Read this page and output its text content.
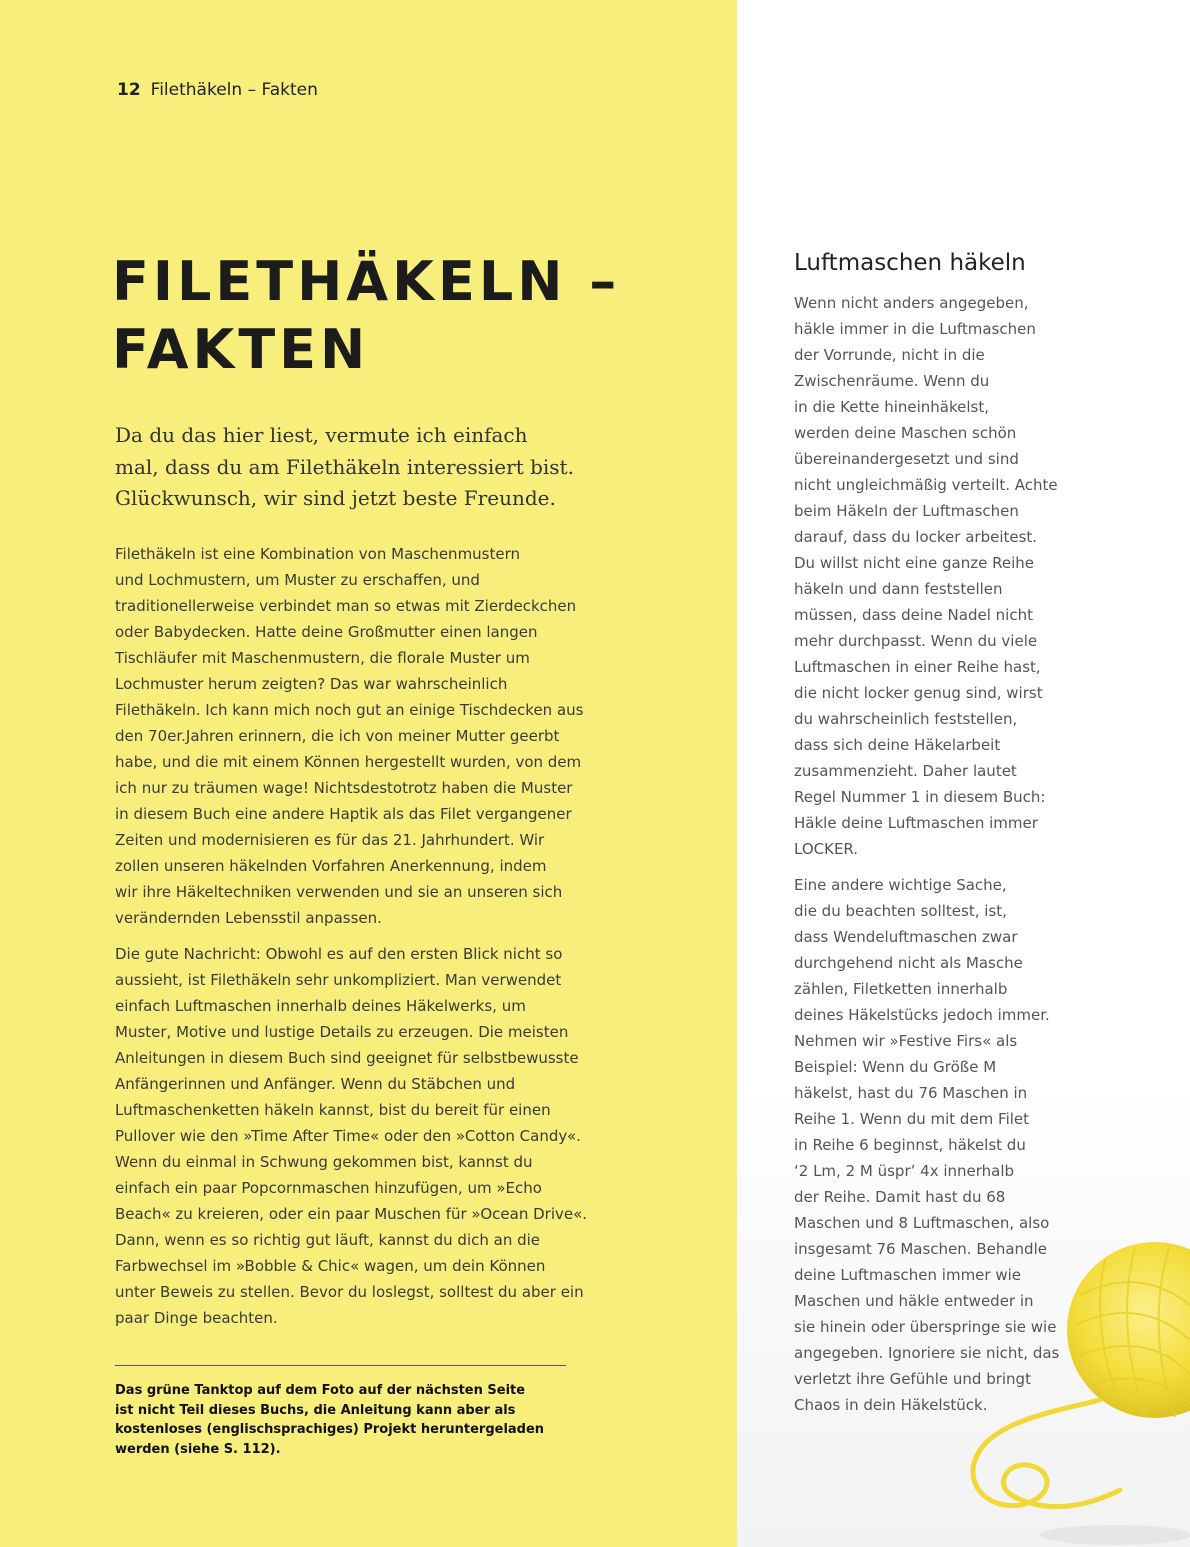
12 Filethäkeln – Fakten
FILETHÄKELN –
FAKTEN
Da du das hier liest, vermute ich einfach
mal, dass du am Filethäkeln interessiert bist.
Glückwunsch, wir sind jetzt beste Freunde.

Filethäkeln ist eine Kombination von Maschenmustern
und Lochmustern, um Muster zu erschaffen, und
traditionellerweise verbindet man so etwas mit Zierdeckchen
oder Babydecken. Hatte deine Großmutter einen langen
Tischläufer mit Maschenmustern, die florale Muster um
Lochmuster herum zeigten? Das war wahrscheinlich
Filethäkeln. Ich kann mich noch gut an einige Tischdecken aus
den 70er.Jahren erinnern, die ich von meiner Mutter geerbt
habe, und die mit einem Können hergestellt wurden, von dem
ich nur zu träumen wage! Nichtsdestotrotz haben die Muster
in diesem Buch eine andere Haptik als das Filet vergangener
Zeiten und modernisieren es für das 21. Jahrhundert. Wir
zollen unseren häkelnden Vorfahren Anerkennung, indem
wir ihre Häkeltechniken verwenden und sie an unseren sich
verändernden Lebensstil anpassen.

Die gute Nachricht: Obwohl es auf den ersten Blick nicht so
aussieht, ist Filethäkeln sehr unkompliziert. Man verwendet
einfach Luftmaschen innerhalb deines Häkelwerks, um
Muster, Motive und lustige Details zu erzeugen. Die meisten
Anleitungen in diesem Buch sind geeignet für selbstbewusste
Anfängerinnen und Anfänger. Wenn du Stäbchen und
Luftmaschenketten häkeln kannst, bist du bereit für einen
Pullover wie den »Time After Time« oder den »Cotton Candy«.
Wenn du einmal in Schwung gekommen bist, kannst du
einfach ein paar Popcornmaschen hinzufügen, um »Echo
Beach« zu kreieren, oder ein paar Muschen für »Ocean Drive«.
Dann, wenn es so richtig gut läuft, kannst du dich an die
Farbwechsel im »Bobble & Chic« wagen, um dein Können
unter Beweis zu stellen. Bevor du loslegst, solltest du aber ein
paar Dinge beachten.

Das grüne Tanktop auf dem Foto auf der nächsten Seite
ist nicht Teil dieses Buchs, die Anleitung kann aber als
kostenloses (englischsprachiges) Projekt heruntergeladen
werden (siehe S. 112).
Luftmaschen häkeln

Wenn nicht anders angegeben,
häkle immer in die Luftmaschen
der Vorrunde, nicht in die
Zwischenräume. Wenn du
in die Kette hineinhäkelst,
werden deine Maschen schön
übereinandergesetzt und sind
nicht ungleichmäßig verteilt. Achte
beim Häkeln der Luftmaschen
darauf, dass du locker arbeitest.
Du willst nicht eine ganze Reihe
häkeln und dann feststellen
müssen, dass deine Nadel nicht
mehr durchpasst. Wenn du viele
Luftmaschen in einer Reihe hast,
die nicht locker genug sind, wirst
du wahrscheinlich feststellen,
dass sich deine Häkelarbeit
zusammenzieht. Daher lautet
Regel Nummer 1 in diesem Buch:
Häkle deine Luftmaschen immer
LOCKER.

Eine andere wichtige Sache,
die du beachten solltest, ist,
dass Wendeluftmaschen zwar
durchgehend nicht als Masche
zählen, Filetketten innerhalb
deines Häkelstücks jedoch immer.
Nehmen wir »Festive Firs« als
Beispiel: Wenn du Größe M
häkelst, hast du 76 Maschen in
Reihe 1. Wenn du mit dem Filet
in Reihe 6 beginnst, häkelst du
‘2 Lm, 2 M üspr’ 4x innerhalb
der Reihe. Damit hast du 68
Maschen und 8 Luftmaschen, also
insgesamt 76 Maschen. Behandle
deine Luftmaschen immer wie
Maschen und häkle entweder in
sie hinein oder überspringe sie wie
angegeben. Ignoriere sie nicht, das
verletzt ihre Gefühle und bringt
Chaos in dein Häkelstück.
